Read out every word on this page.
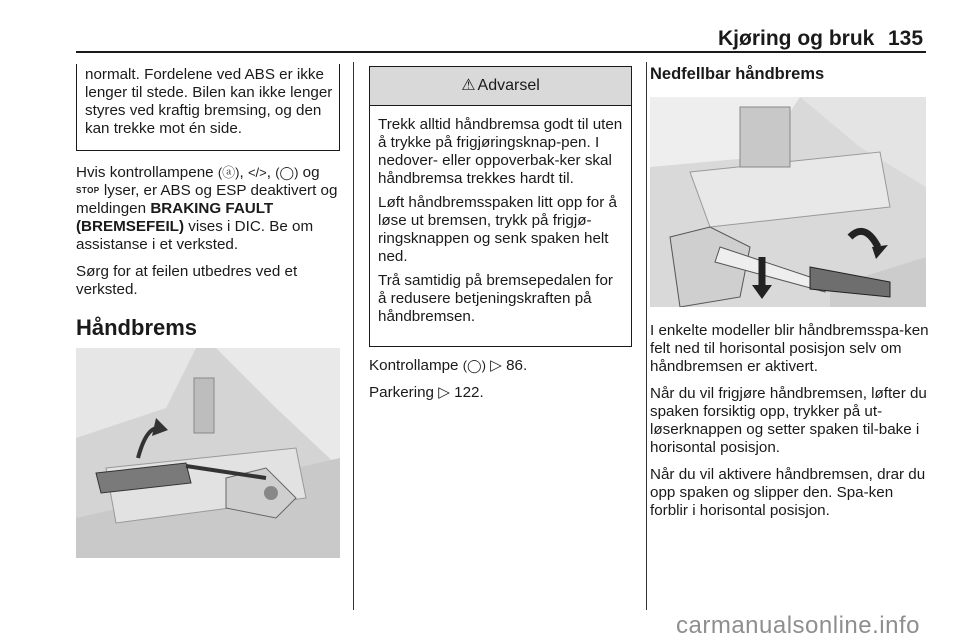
Kjøring og bruk 135
normalt. Fordelene ved ABS er ikke lenger til stede. Bilen kan ikke lenger styres ved kraftig bremsing, og den kan trekke mot én side.

Hvis kontrollampene (ⓐ), </>, (◯) og
STOP lyser, er ABS og ESP deaktivert og meldingen BRAKING FAULT (BREMSEFEIL) vises i DIC. Be om assistanse i et verksted.

Sørg for at feilen utbedres ved et verksted.

Håndbrems
⚠ Advarsel

Trekk alltid håndbremsa godt til uten å trykke på frigjøringsknap-pen. I nedover- eller oppoverbak-ker skal håndbremsa trekkes hardt til.

Løft håndbremsspaken litt opp for å løse ut bremsen, trykk på frigjø-ringsknappen og senk spaken helt ned.

Trå samtidig på bremsepedalen for å redusere betjeningskraften på håndbremsen.

Kontrollampe (◯) ▷ 86.

Parkering ▷ 122.

Nedfellbar håndbrems

I enkelte modeller blir håndbremsspa-ken felt ned til horisontal posisjon selv om håndbremsen er aktivert.

Når du vil frigjøre håndbremsen, løfter du spaken forsiktig opp, trykker på ut-løserknappen og setter spaken til-bake i horisontal posisjon.

Når du vil aktivere håndbremsen, drar du opp spaken og slipper den. Spa-ken forblir i horisontal posisjon.

carmanualsonline.info
